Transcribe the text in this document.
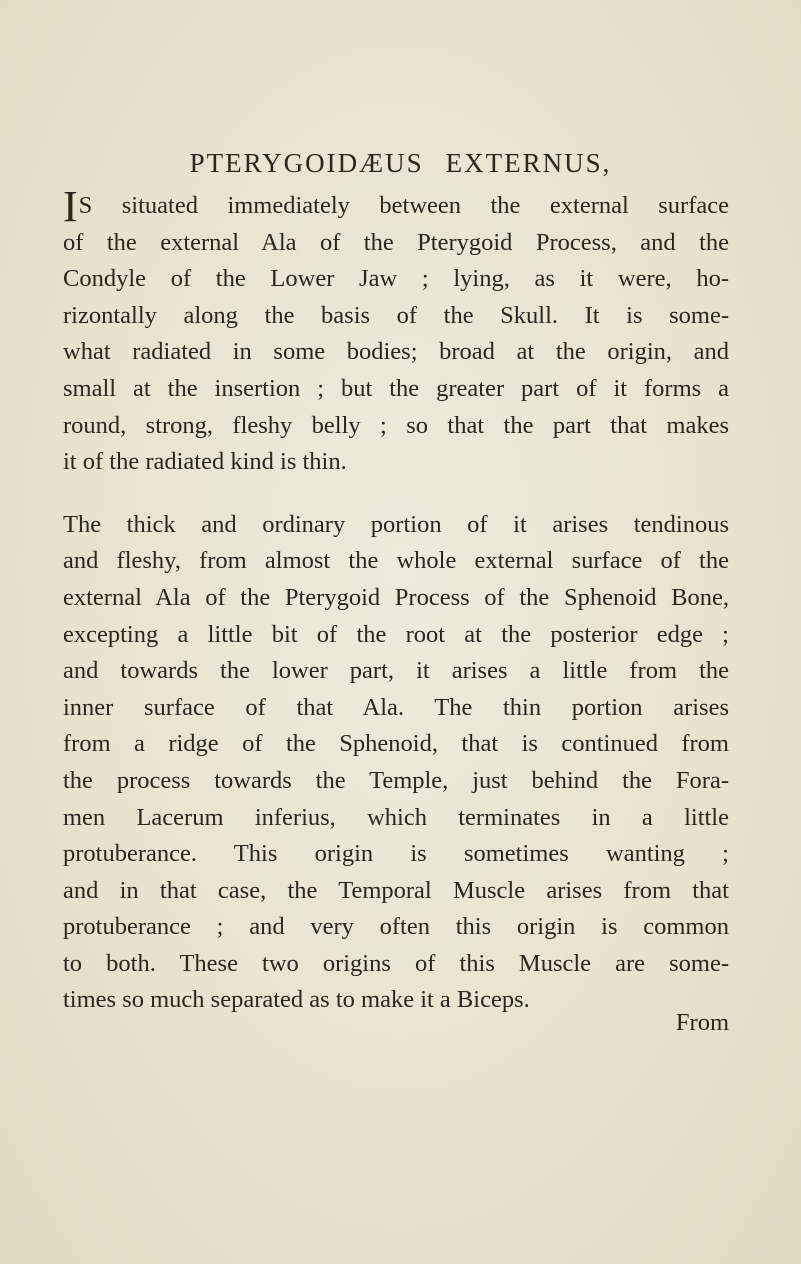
PTERYGOIDÆUS EXTERNUS,
IS situated immediately between the external surface
of the external Ala of the Pterygoid Process, and the
Condyle of the Lower Jaw ; lying, as it were, ho-
rizontally along the basis of the Skull. It is some-
what radiated in some bodies; broad at the origin, and
small at the insertion ; but the greater part of it forms a
round, strong, fleshy belly ; so that the part that makes
it of the radiated kind is thin.
The thick and ordinary portion of it arises tendinous
and fleshy, from almost the whole external surface of the
external Ala of the Pterygoid Process of the Sphenoid Bone,
excepting a little bit of the root at the posterior edge ;
and towards the lower part, it arises a little from the
inner surface of that Ala. The thin portion arises
from a ridge of the Sphenoid, that is continued from
the process towards the Temple, just behind the Fora-
men Lacerum inferius, which terminates in a little
protuberance. This origin is sometimes wanting ;
and in that case, the Temporal Muscle arises from that
protuberance ; and very often this origin is common
to both. These two origins of this Muscle are some-
times so much separated as to make it a Biceps.
From
